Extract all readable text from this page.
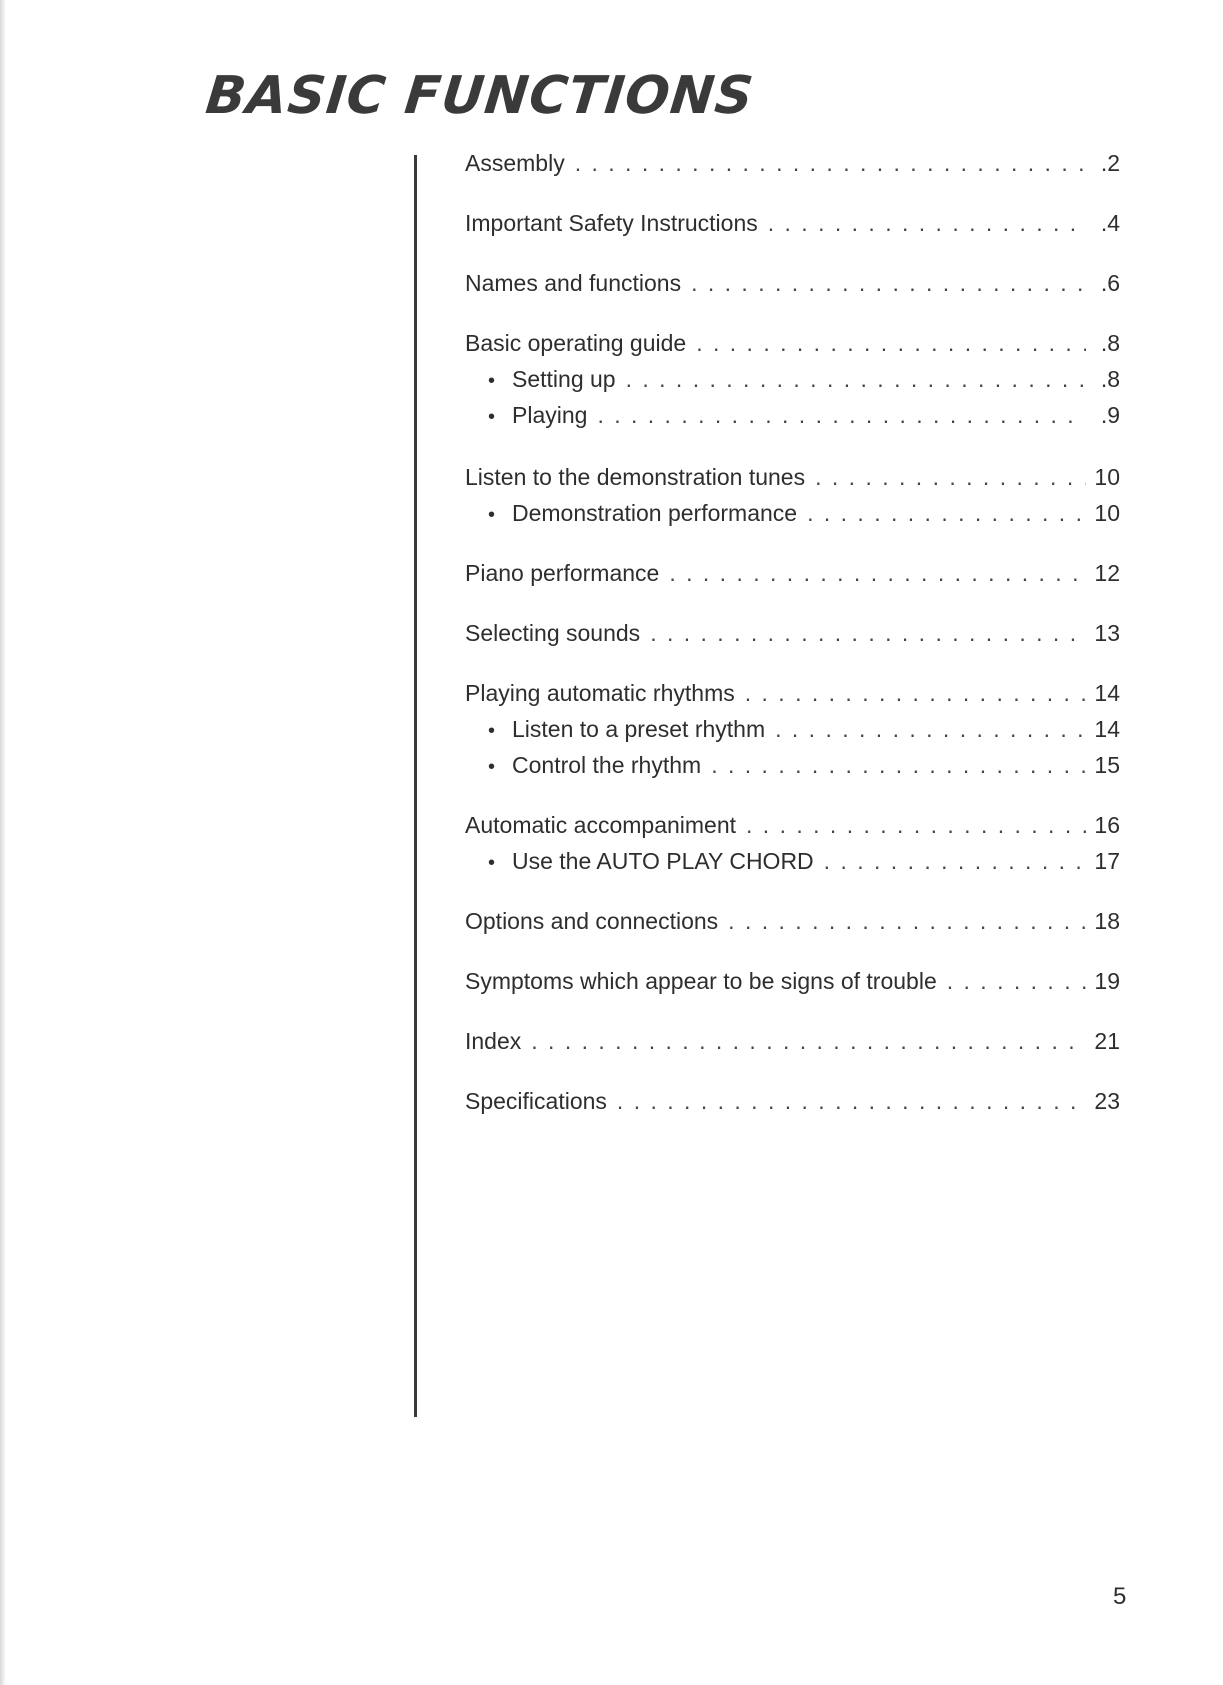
BASIC FUNCTIONS
Assembly . . .	.2
Important Safety Instructions . . .	.4
Names and functions . . .	.6
Basic operating guide . . .	.8
• Setting up . . .	.8
• Playing . . .	.9
Listen to the demonstration tunes . . .	10
• Demonstration performance . . .	10
Piano performance . . .	12
Selecting sounds . . .	13
Playing automatic rhythms . . .	14
• Listen to a preset rhythm . . .	14
• Control the rhythm . . .	15
Automatic accompaniment . . .	16
• Use the AUTO PLAY CHORD . . .	17
Options and connections . . .	18
Symptoms which appear to be signs of trouble . . .	19
Index . . .	21
Specifications . . .	23
5
